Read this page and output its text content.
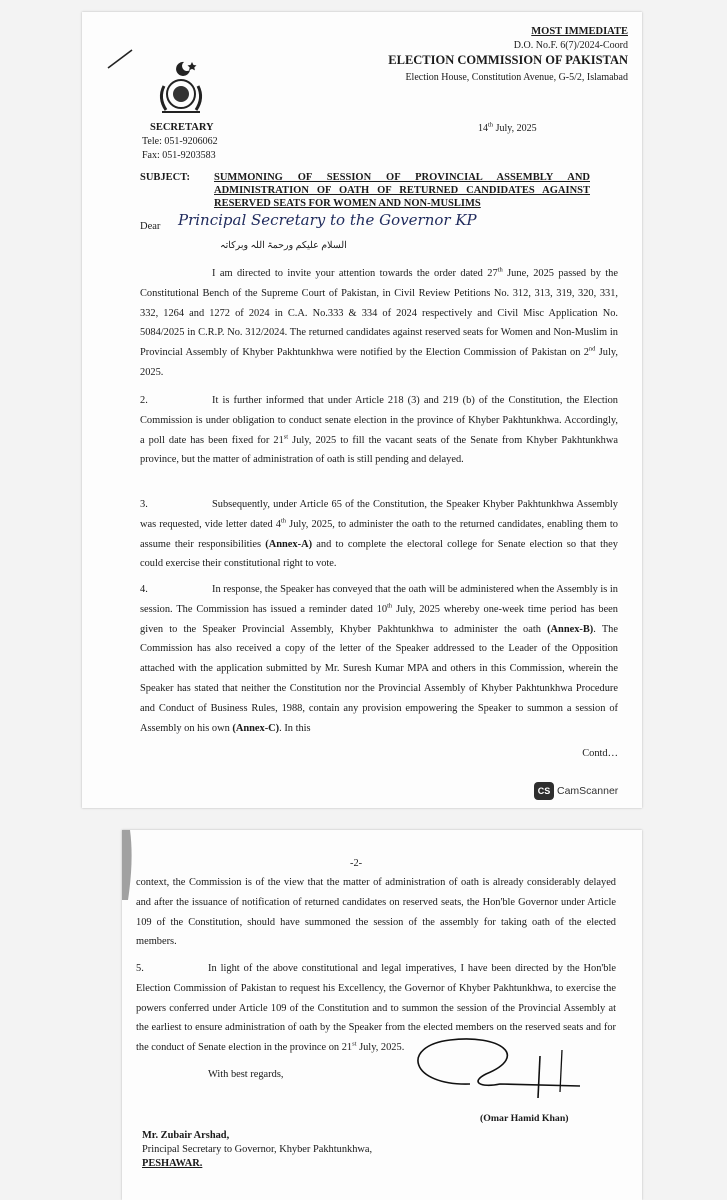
SECRETARY
Tele: 051-9206062
Fax: 051-9203583
MOST IMMEDIATE
D.O. No.F. 6(7)/2024-Coord
ELECTION COMMISSION OF PAKISTAN
Election House, Constitution Avenue, G-5/2, Islamabad
14th July, 2025
SUBJECT: SUMMONING OF SESSION OF PROVINCIAL ASSEMBLY AND
ADMINISTRATION OF OATH OF RETURNED CANDIDATES AGAINST
RESERVED SEATS FOR WOMEN AND NON-MUSLIMS
Dear Principal Secretary to the Governor KP
السلام علیکم ورحمۃ اللہ وبرکاتہ

I am directed to invite your attention towards the order dated 27th June, 2025 passed by the Constitutional Bench of the Supreme Court of Pakistan, in Civil Review Petitions No. 312, 313, 319, 320, 331, 332, 1264 and 1272 of 2024 in C.A. No.333 & 334 of 2024 respectively and Civil Misc Application No. 5084/2025 in C.R.P. No. 312/2024. The returned candidates against reserved seats for Women and Non-Muslim in Provincial Assembly of Khyber Pakhtunkhwa were notified by the Election Commission of Pakistan on 2nd July, 2025.

2.	It is further informed that under Article 218 (3) and 219 (b) of the Constitution, the Election Commission is under obligation to conduct senate election in the province of Khyber Pakhtunkhwa. Accordingly, a poll date has been fixed for 21st July, 2025 to fill the vacant seats of the Senate from Khyber Pakhtunkhwa province, but the matter of administration of oath is still pending and delayed.

3.	Subsequently, under Article 65 of the Constitution, the Speaker Khyber Pakhtunkhwa Assembly was requested, vide letter dated 4th July, 2025, to administer the oath to the returned candidates, enabling them to assume their responsibilities (Annex-A) and to complete the electoral college for Senate election so that they could exercise their constitutional right to vote.

4.	In response, the Speaker has conveyed that the oath will be administered when the Assembly is in session. The Commission has issued a reminder dated 10th July, 2025 whereby one-week time period has been given to the Speaker Provincial Assembly, Khyber Pakhtunkhwa to administer the oath (Annex-B). The Commission has also received a copy of the letter of the Speaker addressed to the Leader of the Opposition attached with the application submitted by Mr. Suresh Kumar MPA and others in this Commission, wherein the Speaker has stated that neither the Constitution nor the Provincial Assembly of Khyber Pakhtunkhwa Procedure and Conduct of Business Rules, 1988, contain any provision empowering the Speaker to summon a session of Assembly on his own (Annex-C). In this

Contd…
CS CamScanner
-2-

context, the Commission is of the view that the matter of administration of oath is already considerably delayed and after the issuance of notification of returned candidates on reserved seats, the Hon'ble Governor under Article 109 of the Constitution, should have summoned the session of the assembly for taking oath of the elected members.

5.	In light of the above constitutional and legal imperatives, I have been directed by the Hon'ble Election Commission of Pakistan to request his Excellency, the Governor of Khyber Pakhtunkhwa, to exercise the powers conferred under Article 109 of the Constitution and to summon the session of the Provincial Assembly at the earliest to ensure administration of oath by the Speaker from the elected members on the reserved seats and for the conduct of Senate election in the province on 21st July, 2025.

With best regards,
(Omar Hamid Khan)
Mr. Zubair Arshad,
Principal Secretary to Governor, Khyber Pakhtunkhwa,
PESHAWAR.
